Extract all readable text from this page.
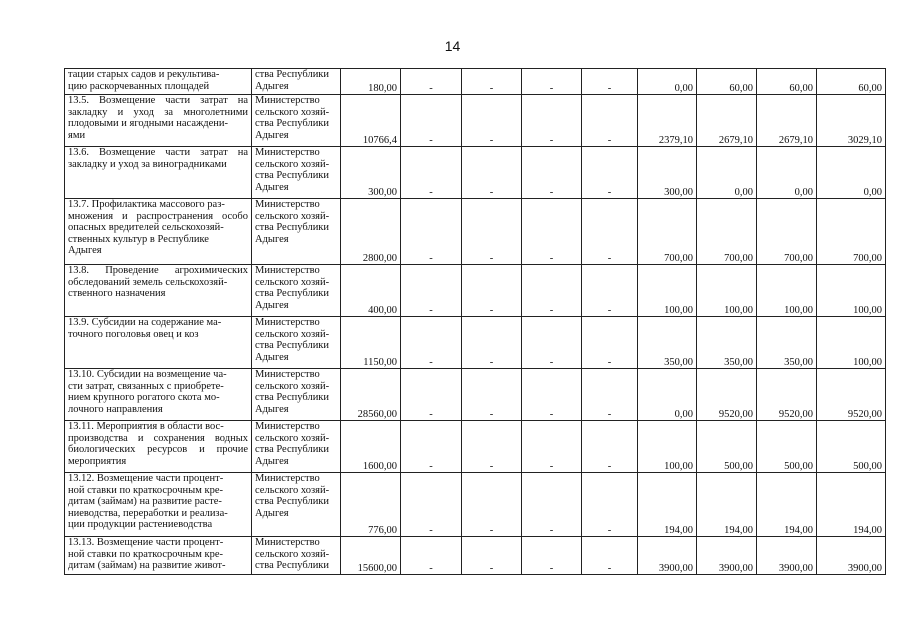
14
тации старых садов и рекультива-
цию раскорчеванных площадей	ства Республики
Адыгея	180,00	-	-	-	-	0,00	60,00	60,00	60,00
13.5. Возмещение части затрат на закладку и уход за многолетними плодовыми и ягодными насаждени-
ями	Министерство
сельского хозяй-
ства Республики
Адыгея	10766,4	-	-	-	-	2379,10	2679,10	2679,10	3029,10
13.6. Возмещение части затрат на закладку и уход за виноградниками	Министерство
сельского хозяй-
ства Республики
Адыгея	300,00	-	-	-	-	300,00	0,00	0,00	0,00
13.7. Профилактика массового раз-
множения и распространения особо опасных вредителей сельскохозяй-
ственных культур в Республике
Адыгея	Министерство
сельского хозяй-
ства Республики
Адыгея	2800,00	-	-	-	-	700,00	700,00	700,00	700,00
13.8. Проведение агрохимических обследований земель сельскохозяй-
ственного назначения	Министерство
сельского хозяй-
ства Республики
Адыгея	400,00	-	-	-	-	100,00	100,00	100,00	100,00
13.9. Субсидии на содержание ма-
точного поголовья овец и коз	Министерство
сельского хозяй-
ства Республики
Адыгея	1150,00	-	-	-	-	350,00	350,00	350,00	100,00
13.10. Субсидии на возмещение ча-
сти затрат, связанных с приобрете-
нием крупного рогатого скота мо-
лочного направления	Министерство
сельского хозяй-
ства Республики
Адыгея	28560,00	-	-	-	-	0,00	9520,00	9520,00	9520,00
13.11. Мероприятия в области вос-
производства и сохранения водных биологических ресурсов и прочие мероприятия	Министерство
сельского хозяй-
ства Республики
Адыгея	1600,00	-	-	-	-	100,00	500,00	500,00	500,00
13.12. Возмещение части процент-
ной ставки по краткосрочным кре-
дитам (займам) на развитие расте-
ниеводства, переработки и реализа-
ции продукции растениеводства	Министерство
сельского хозяй-
ства Республики
Адыгея	776,00	-	-	-	-	194,00	194,00	194,00	194,00
13.13. Возмещение части процент-
ной ставки по краткосрочным кре-
дитам (займам) на развитие живот-	Министерство
сельского хозяй-
ства Республики	15600,00	-	-	-	-	3900,00	3900,00	3900,00	3900,00
